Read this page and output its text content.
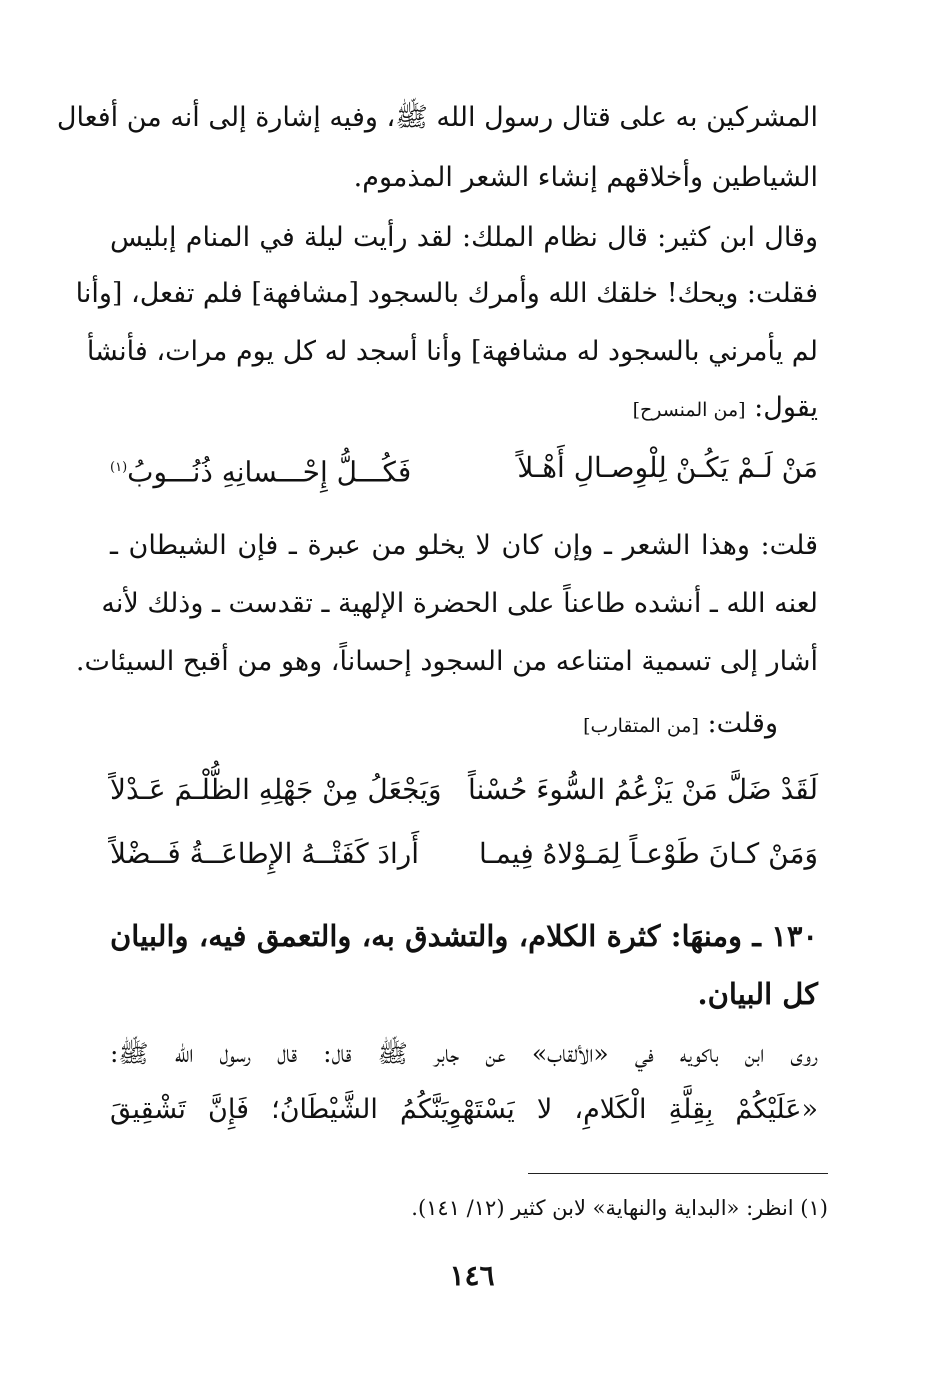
المشركين به على قتال رسول الله ﷺ، وفيه إشارة إلى أنه من أفعال
الشياطين وأخلاقهم إنشاء الشعر المذموم.
وقال ابن كثير: قال نظام الملك: لقد رأيت ليلة في المنام إبليس
فقلت: ويحك! خلقك الله وأمرك بالسجود [مشافهة] فلم تفعل، [وأنا
لم يأمرني بالسجود له مشافهة] وأنا أسجد له كل يوم مرات، فأنشأ
يقول: [من المنسرح]
مَنْ لَـمْ يَكُـنْ لِلْوِصـالِ أَهْـلاً
فَكُـــلُّ إِحْـــسانِهِ ذُنُـــوبُ$^{(١)}$
قلت: وهذا الشعر ـ وإن كان لا يخلو من عبرة ـ فإن الشيطان ـ
لعنه الله ـ أنشده طاعناً على الحضرة الإلهية ـ تقدست ـ وذلك لأنه
أشار إلى تسمية امتناعه من السجود إحساناً، وهو من أقبح السيئات.
وقلت: [من المتقارب]
لَقَدْ ضَلَّ مَنْ يَزْعُمُ السُّوءَ حُسْناً
وَيَجْعَلُ مِنْ جَهْلِهِ الظُّلْـمَ عَـدْلاً
وَمَنْ كـانَ طَوْعـاً لِمَـوْلاهُ فِيمـا
أَرادَ كَفَتْــهُ الإِطاعَــةُ فَــضْلاً
١٣٠ ـ ومنهَا: كثرة الكلام، والتشدق به، والتعمق فيه، والبيان
كل البيان.
روى ابن باكويه في «الألقاب» عن جابر ﷺ قال: قال رسول الله ﷺ:
«عَلَيْكُمْ بِقِلَّةِ الْكَلامِ، لا يَسْتَهْوِيَنَّكُمُ الشَّيْطَانُ؛ فَإِنَّ تَشْقِيقَ
(١) انظر: «البداية والنهاية» لابن كثير (١٢/ ١٤١).
١٤٦
